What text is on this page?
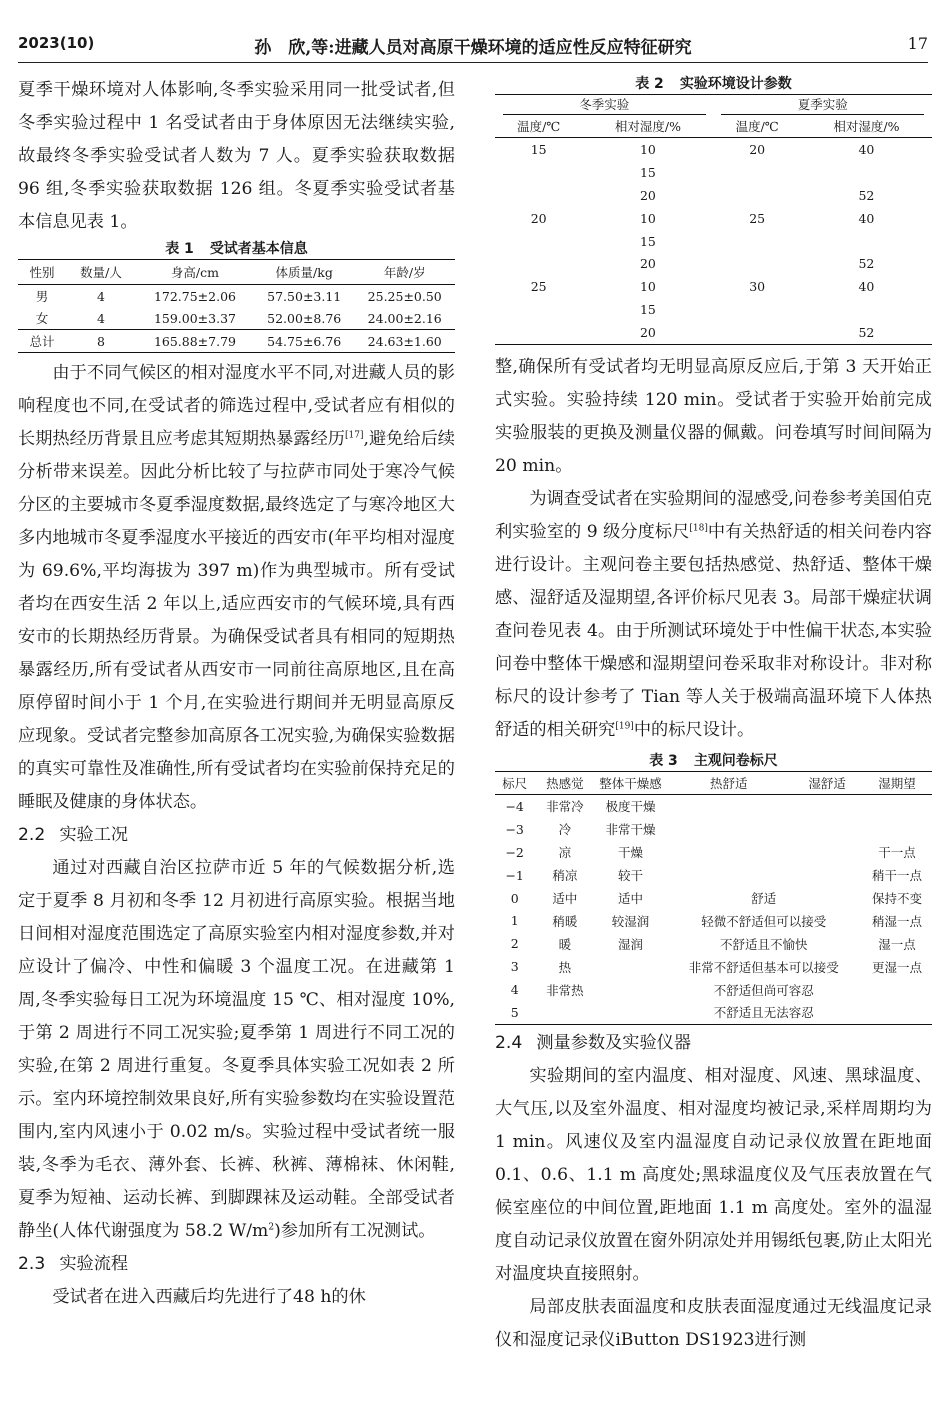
2023(10)	孙　欣,等:进藏人员对高原干燥环境的适应性反应特征研究	17

夏季干燥环境对人体影响,冬季实验采用同一批受试者,但冬季实验过程中 1 名受试者由于身体原因无法继续实验,故最终冬季实验受试者人数为 7 人。夏季实验获取数据 96 组,冬季实验获取数据 126 组。冬夏季实验受试者基本信息见表 1。

表 1 受试者基本信息
性别	数量/人	身高/cm	体质量/kg	年龄/岁
男	4	172.75±2.06	57.50±3.11	25.25±0.50
女	4	159.00±3.37	52.00±8.76	24.00±2.16
总计	8	165.88±7.79	54.75±6.76	24.63±1.60

由于不同气候区的相对湿度水平不同,对进藏人员的影响程度也不同,在受试者的筛选过程中,受试者应有相似的长期热经历背景且应考虑其短期热暴露经历[17],避免给后续分析带来误差。因此分析比较了与拉萨市同处于寒冷气候分区的主要城市冬夏季湿度数据,最终选定了与寒冷地区大多内地城市冬夏季湿度水平接近的西安市(年平均相对湿度为 69.6%,平均海拔为 397 m)作为典型城市。所有受试者均在西安生活 2 年以上,适应西安市的气候环境,具有西安市的长期热经历背景。为确保受试者具有相同的短期热暴露经历,所有受试者从西安市一同前往高原地区,且在高原停留时间小于 1 个月,在实验进行期间并无明显高原反应现象。受试者完整参加高原各工况实验,为确保实验数据的真实可靠性及准确性,所有受试者均在实验前保持充足的睡眠及健康的身体状态。

2.2 实验工况

通过对西藏自治区拉萨市近 5 年的气候数据分析,选定于夏季 8 月初和冬季 12 月初进行高原实验。根据当地日间相对湿度范围选定了高原实验室内相对湿度参数,并对应设计了偏冷、中性和偏暖 3 个温度工况。在进藏第 1 周,冬季实验每日工况为环境温度 15 ℃、相对湿度 10%,于第 2 周进行不同工况实验;夏季第 1 周进行不同工况的实验,在第 2 周进行重复。冬夏季具体实验工况如表 2 所示。室内环境控制效果良好,所有实验参数均在实验设置范围内,室内风速小于 0.02 m/s。实验过程中受试者统一服装,冬季为毛衣、薄外套、长裤、秋裤、薄棉袜、休闲鞋,夏季为短袖、运动长裤、到脚踝袜及运动鞋。全部受试者静坐(人体代谢强度为 58.2 $W/m^2$)参加所有工况测试。

2.3 实验流程

受试者在进入西藏后均先进行了48 h的休

表 2 实验环境设计参数
冬季实验		夏季实验	
温度/℃	相对湿度/%	温度/℃	相对湿度/%
15	10	20	40
	15		
	20		52
20	10	25	40
	15		
	20		52
25	10	30	40
	15		
	20		52

整,确保所有受试者均无明显高原反应后,于第 3 天开始正式实验。实验持续 120 min。受试者于实验开始前完成实验服装的更换及测量仪器的佩戴。问卷填写时间间隔为 20 min。

为调查受试者在实验期间的湿感受,问卷参考美国伯克利实验室的 9 级分度标尺[18]中有关热舒适的相关问卷内容进行设计。主观问卷主要包括热感觉、热舒适、整体干燥感、湿舒适及湿期望,各评价标尺见表 3。局部干燥症状调查问卷见表 4。由于所测试环境处于中性偏干状态,本实验问卷中整体干燥感和湿期望问卷采取非对称设计。非对称标尺的设计参考了 Tian 等人关于极端高温环境下人体热舒适的相关研究[19]中的标尺设计。

表 3 主观问卷标尺
标尺	热感觉	整体干燥感	热舒适	湿舒适	湿期望
−4	非常冷	极度干燥			
−3	冷	非常干燥			
−2	凉	干燥			干一点
−1	稍凉	较干			稍干一点
0	适中	适中	舒适		保持不变
1	稍暖	较湿润	轻微不舒适但可以接受		稍湿一点
2	暖	湿润	不舒适且不愉快		湿一点
3	热		非常不舒适但基本可以接受		更湿一点
4	非常热		不舒适但尚可容忍		
5			不舒适且无法容忍		
2.4 测量参数及实验仪器

实验期间的室内温度、相对湿度、风速、黑球温度、大气压,以及室外温度、相对湿度均被记录,采样周期均为 1 min。风速仪及室内温湿度自动记录仪放置在距地面 0.1、0.6、1.1 m 高度处;黑球温度仪及气压表放置在气候室座位的中间位置,距地面 1.1 m 高度处。室外的温湿度自动记录仪放置在窗外阴凉处并用锡纸包裹,防止太阳光对温度块直接照射。

局部皮肤表面温度和皮肤表面湿度通过无线温度记录仪和湿度记录仪iButton DS1923进行测
